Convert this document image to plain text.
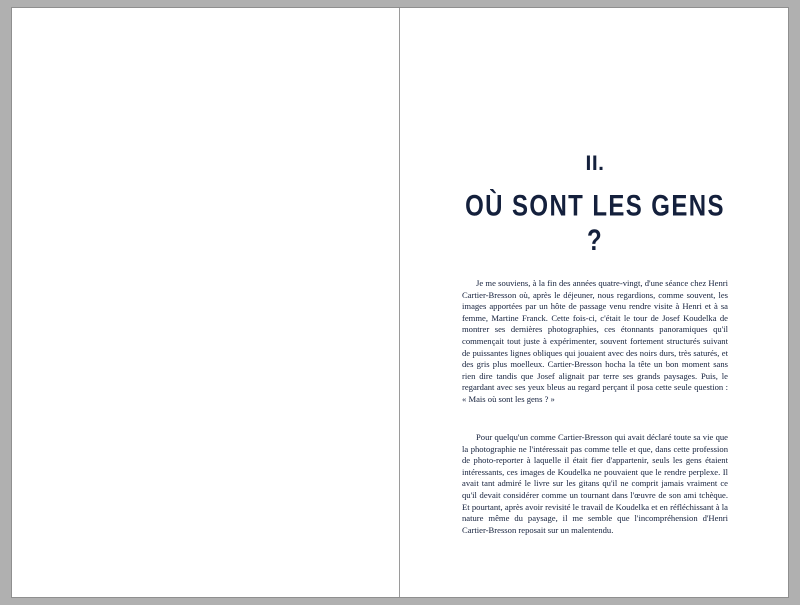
II.
OÙ SONT LES GENS ?

Je me souviens, à la fin des années quatre-vingt, d'une séance chez Henri Cartier-Bresson où, après le déjeuner, nous regardions, comme souvent, les images apportées par un hôte de passage venu rendre visite à Henri et à sa femme, Martine Franck. Cette fois-ci, c'était le tour de Josef Koudelka de montrer ses dernières photographies, ces étonnants panoramiques qu'il commençait tout juste à expérimenter, souvent fortement structurés suivant de puissantes lignes obliques qui jouaient avec des noirs durs, très saturés, et des gris plus moelleux. Cartier-Bresson hocha la tête un bon moment sans rien dire tandis que Josef alignait par terre ses grands paysages. Puis, le regardant avec ses yeux bleus au regard perçant il posa cette seule question : « Mais où sont les gens ? »

Pour quelqu'un comme Cartier-Bresson qui avait déclaré toute sa vie que la photographie ne l'intéressait pas comme telle et que, dans cette profession de photo-reporter à laquelle il était fier d'appartenir, seuls les gens étaient intéressants, ces images de Koudelka ne pouvaient que le rendre perplexe. Il avait tant admiré le livre sur les gitans qu'il ne comprit jamais vraiment ce qu'il devait considérer comme un tournant dans l'œuvre de son ami tchèque. Et pourtant, après avoir revisité le travail de Koudelka et en réfléchissant à la nature même du paysage, il me semble que l'incompréhension d'Henri Cartier-Bresson reposait sur un malentendu.
